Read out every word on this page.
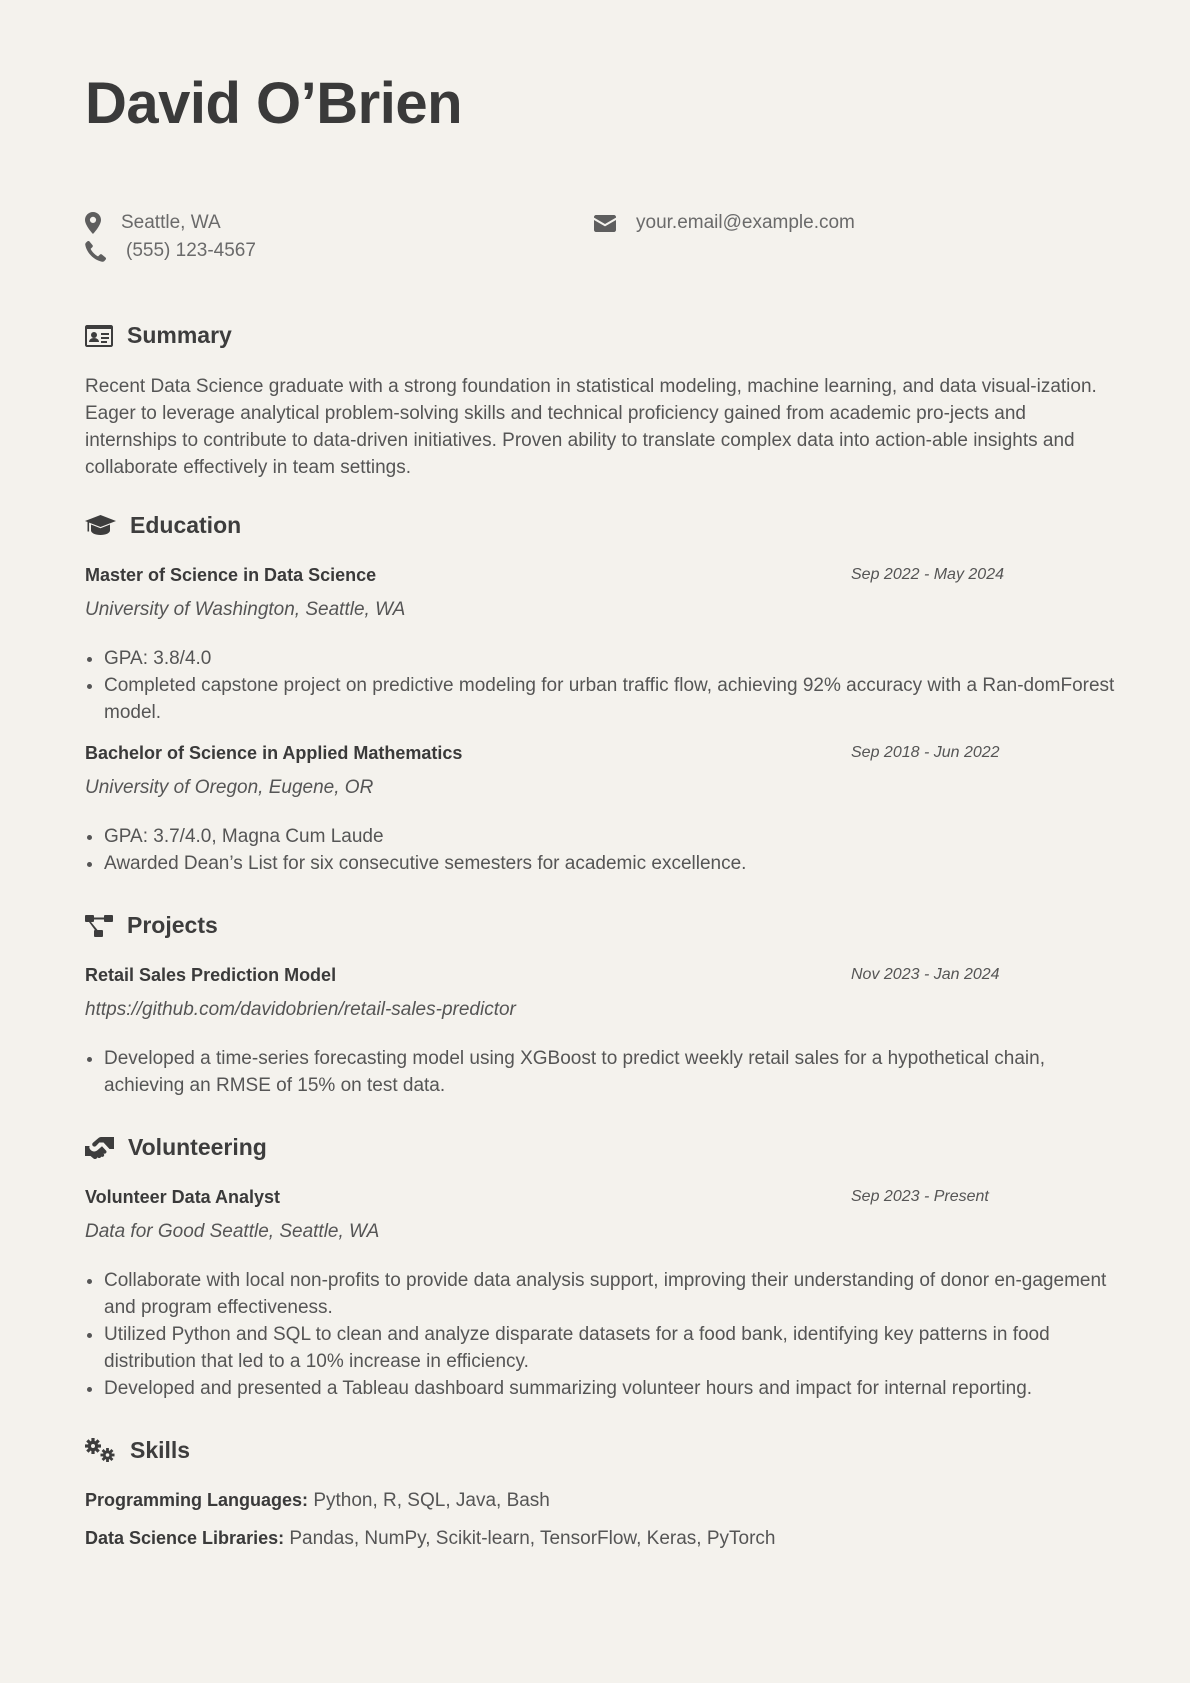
David O’Brien
Seattle, WA	your.email@example.com
(555) 123-4567
Summary

Recent Data Science graduate with a strong foundation in statistical modeling, machine learning, and data visual-ization. Eager to leverage analytical problem-solving skills and technical proficiency gained from academic pro-jects and internships to contribute to data-driven initiatives. Proven ability to translate complex data into action-able insights and collaborate effectively in team settings.

Education
Master of Science in Data Science	Sep 2022 - May 2024
University of Washington, Seattle, WA
• GPA: 3.8/4.0
• Completed capstone project on predictive modeling for urban traffic flow, achieving 92% accuracy with a Ran-domForest model.
Bachelor of Science in Applied Mathematics	Sep 2018 - Jun 2022
University of Oregon, Eugene, OR
• GPA: 3.7/4.0, Magna Cum Laude
• Awarded Dean’s List for six consecutive semesters for academic excellence.
Projects
Retail Sales Prediction Model	Nov 2023 - Jan 2024
https://github.com/davidobrien/retail-sales-predictor
• Developed a time-series forecasting model using XGBoost to predict weekly retail sales for a hypothetical chain, achieving an RMSE of 15% on test data.
Volunteering
Volunteer Data Analyst	Sep 2023 - Present
Data for Good Seattle, Seattle, WA
• Collaborate with local non-profits to provide data analysis support, improving their understanding of donor en-gagement and program effectiveness.
• Utilized Python and SQL to clean and analyze disparate datasets for a food bank, identifying key patterns in food distribution that led to a 10% increase in efficiency.
• Developed and presented a Tableau dashboard summarizing volunteer hours and impact for internal reporting.
Skills
Programming Languages: Python, R, SQL, Java, Bash
Data Science Libraries: Pandas, NumPy, Scikit-learn, TensorFlow, Keras, PyTorch
